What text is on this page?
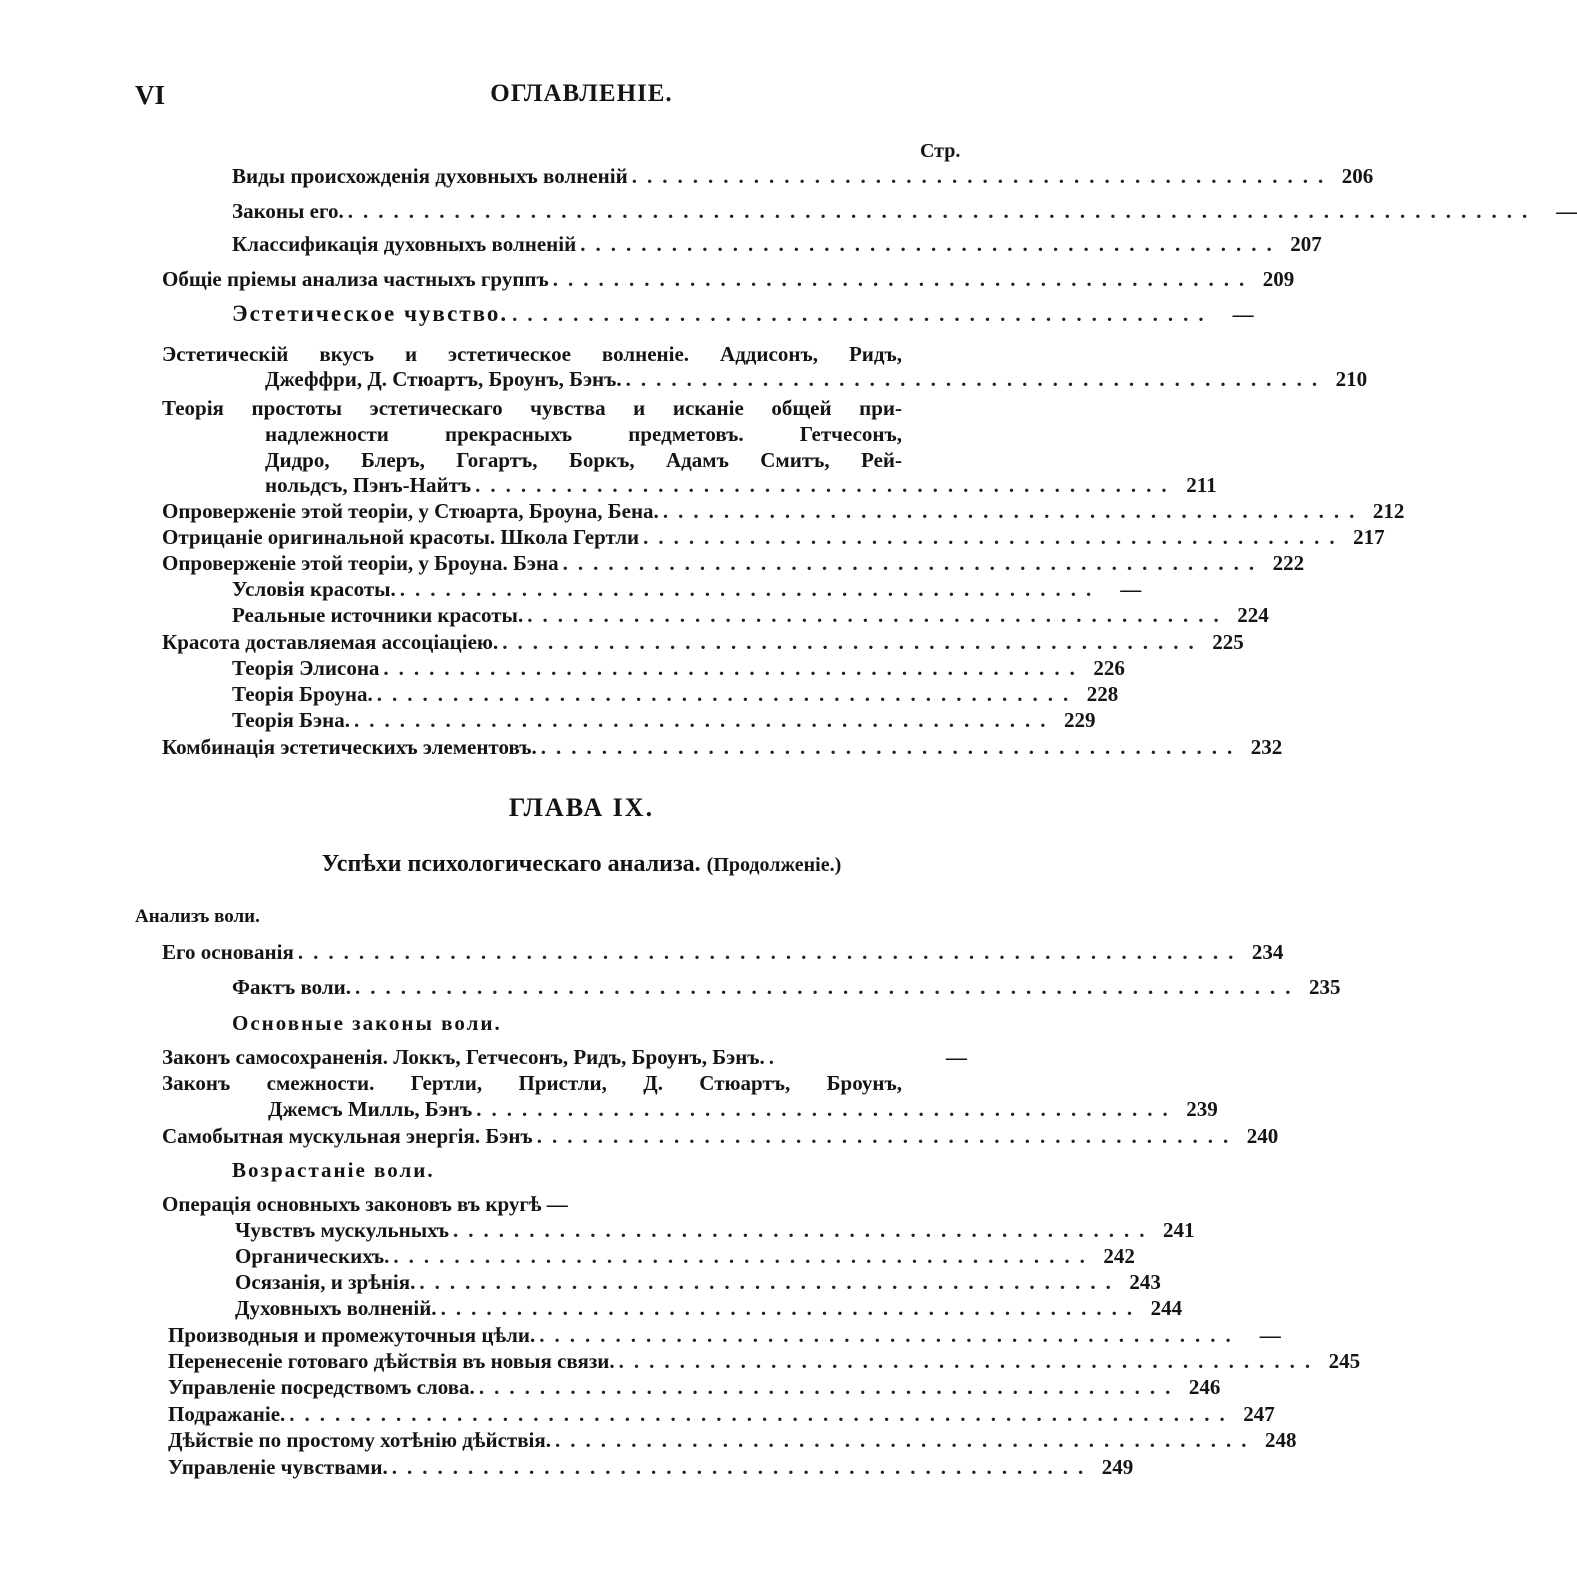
VI	ОГЛАВЛЕНІЕ.
Стр.
Виды происхожденія духовныхъ волненій .............................................. 206
Законы его. .............................................................................. —
Классификація духовныхъ волненій .............................................. 207
Общіе пріемы анализа частныхъ группъ .............................................. 209
Эстетическое чувство. .............................................. —
Эстетическій вкусъ и эстетическое волненіе. Аддисонъ, Ридъ,
Джеффри, Д. Стюартъ, Броунъ, Бэнъ. .............................................. 210
Теорія простоты эстетическаго чувства и исканіе общей при-
надлежности прекрасныхъ предметовъ. Гетчесонъ,
Дидро, Блеръ, Гогартъ, Боркъ, Адамъ Смитъ, Рей-
нольдсъ, Пэнъ-Найтъ .............................................. 211
Опроверженіе этой теоріи, у Стюарта, Броуна, Бена. .............................................. 212
Отрицаніе оригинальной красоты. Школа Гертли .............................................. 217
Опроверженіе этой теоріи, у Броуна. Бэна .............................................. 222
Условія красоты. .............................................. —
Реальные источники красоты. .............................................. 224
Красота доставляемая ассоціаціею. .............................................. 225
Теорія Элисона .............................................. 226
Теорія Броуна. .............................................. 228
Теорія Бэна. .............................................. 229
Комбинація эстетическихъ элементовъ. .............................................. 232
ГЛАВА IX.
Успѣхи психологическаго анализа. (Продолженіе.)
Анализъ воли.
Его основанія .............................................................. 234
Фактъ воли. .............................................................. 235
Основные законы воли.
Законъ самосохраненія. Локкъ, Гетчесонъ, Ридъ, Броунъ, Бэнъ. .	—
Законъ смежности. Гертли, Пристли, Д. Стюартъ, Броунъ,
Джемсъ Милль, Бэнъ .............................................. 239
Самобытная мускульная энергія. Бэнъ .............................................. 240
Возрастаніе воли.
Операція основныхъ законовъ въ кругѣ —
Чувствъ мускульныхъ .............................................. 241
Органическихъ. .............................................. 242
Осязанія, и зрѣнія. .............................................. 243
Духовныхъ волненій. .............................................. 244
Производныя и промежуточныя цѣли. .............................................. —
Перенесеніе готоваго дѣйствія въ новыя связи. .............................................. 245
Управленіе посредствомъ слова. .............................................. 246
Подражаніе. .............................................................. 247
Дѣйствіе по простому хотѣнію дѣйствія. .............................................. 248
Управленіе чувствами. .............................................. 249
